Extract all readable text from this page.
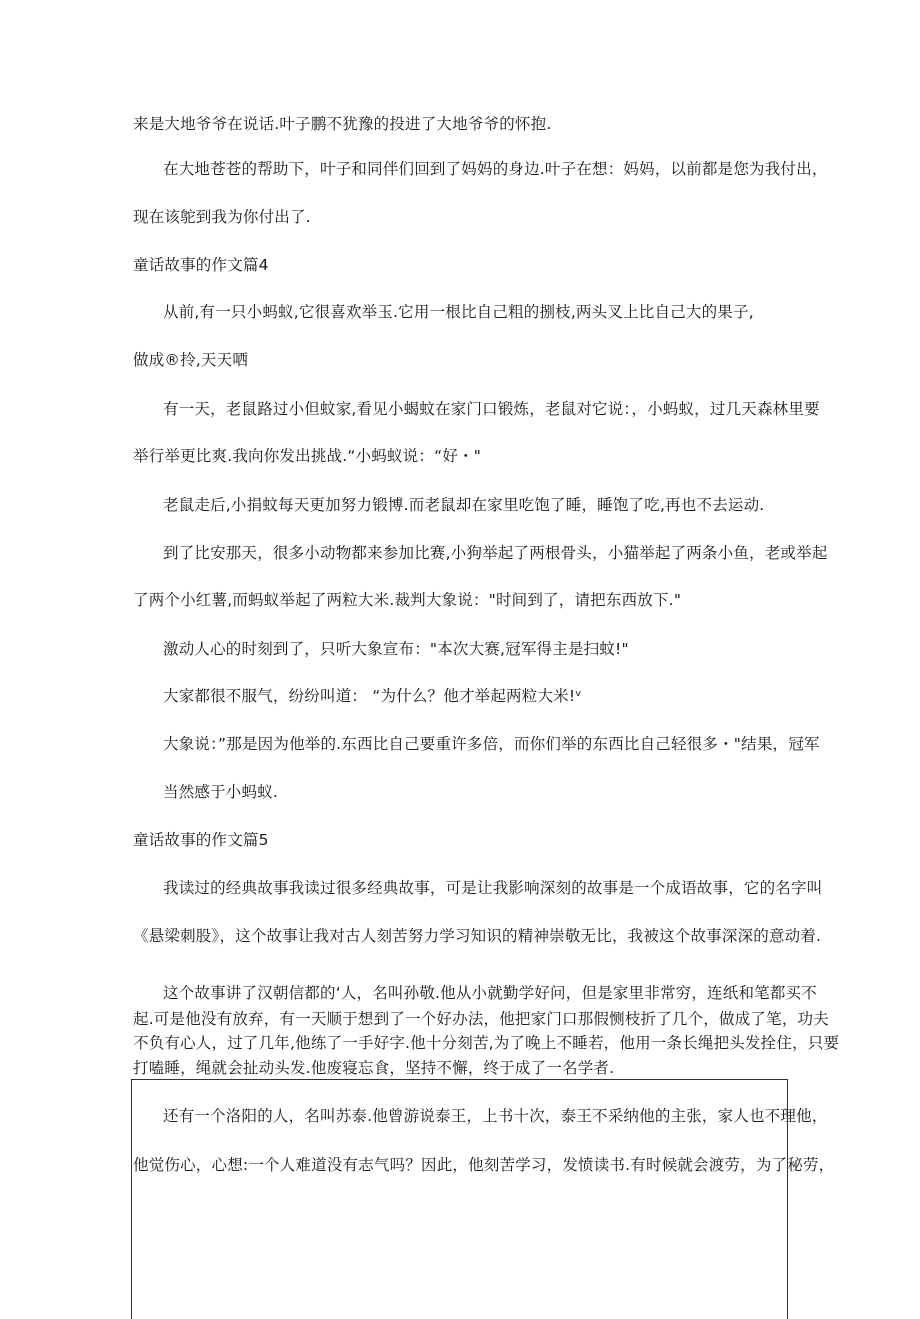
来是大地爷爷在说话.叶子鹏不犹豫的投进了大地爷爷的怀抱.
在大地苍苍的帮助下，叶子和同伴们回到了妈妈的身边.叶子在想：妈妈，以前都是您为我付出，
现在该鸵到我为你付出了.
童话故事的作文篇4
从前,有一只小蚂蚁,它很喜欢举玉.它用一根比自己粗的捌枝,两头叉上比自己大的果子,
做成®拎,天天哂
有一天，老鼠路过小但蚊家,看见小蝎蚊在家门口锻炼，老鼠对它说：，小蚂蚁，过几天森林里要
举行举更比爽.我向你发出挑战.“小蚂蚁说：“好・"
老鼠走后,小捐蚊每天更加努力锻博.而老鼠却在家里吃饱了睡，睡饱了吃,再也不去运动.
到了比安那天，很多小动物都来参加比赛,小狗举起了两根骨头，小猫举起了两条小鱼，老或举起
了两个小红薯,而蚂蚁举起了两粒大米.裁判大象说："时间到了，请把东西放下."
激动人心的时刻到了，只听大象宣布："本次大赛,冠军得主是扫蚊!"
大家都很不服气，纷纷叫道： “为什么？他才举起两粒大米!ᵛ
大象说：”那是因为他举的.东西比自己要重许多倍，而你们举的东西比自己轻很多・"结果，冠军
当然感于小蚂蚁.
童话故事的作文篇5
我读过的经典故事我读过很多经典故事，可是让我影响深刻的故事是一个成语故事，它的名字叫
《悬梁刺股》，这个故事让我对古人刻苦努力学习知识的精神崇敬无比，我被这个故事深深的意动着.
这个故事讲了汉朝信都的‘人，名叫孙敬.他从小就勤学好问，但是家里非常穷，连纸和笔都买不
起.可是他没有放弃，有一天顺于想到了一个好办法，他把家门口那假恻枝折了几个，做成了笔，功夫
不负有心人，过了几年,他练了一手好字.他十分刻苦,为了晚上不睡若，他用一条长绳把头发拴住，只要
打嗑睡，绳就会扯动头发.他废寝忘食，坚持不懈，终于成了一名学者.
还有一个洛阳的人，名叫苏泰.他曾游说泰王，上书十次，泰王不采纳他的主张，家人也不理他，
他觉伤心，心想:一个人难道没有志气吗？因此，他刻苦学习，发愤读书.有时候就会渡劳，为了秘劳，
